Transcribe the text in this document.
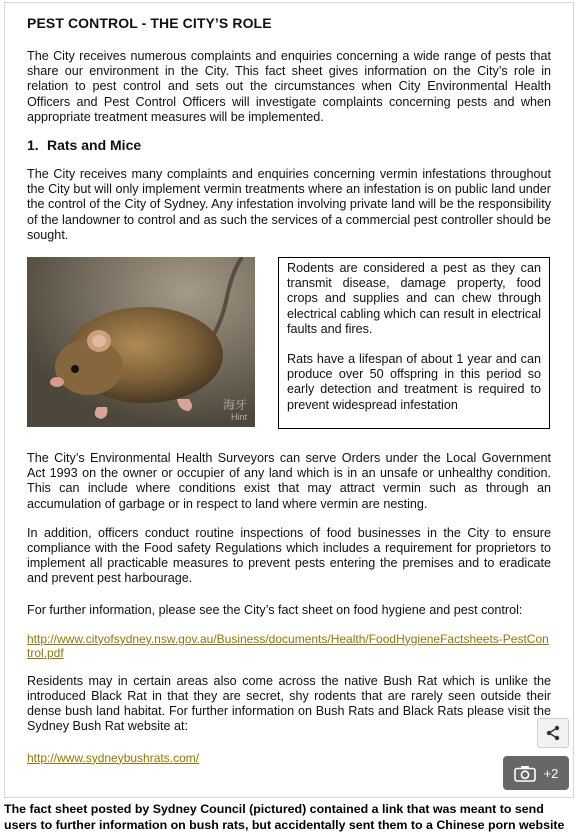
PEST CONTROL - THE CITY’S ROLE

The City receives numerous complaints and enquiries concerning a wide range of pests that share our environment in the City. This fact sheet gives information on the City’s role in relation to pest control and sets out the circumstances when City Environmental Health Officers and Pest Control Officers will investigate complaints concerning pests and when appropriate treatment measures will be implemented.

1. Rats and Mice

The City receives many complaints and enquiries concerning vermin infestations throughout the City but will only implement vermin treatments where an infestation is on public land under the control of the City of Sydney. Any infestation involving private land will be the responsibility of the landowner to control and as such the services of a commercial pest controller should be sought.

海牙
Hint

Rodents are considered a pest as they can transmit disease, damage property, food crops and supplies and can chew through electrical cabling which can result in electrical faults and fires.

Rats have a lifespan of about 1 year and can produce over 50 offspring in this period so early detection and treatment is required to prevent widespread infestation

The City’s Environmental Health Surveyors can serve Orders under the Local Government Act 1993 on the owner or occupier of any land which is in an unsafe or unhealthy condition. This can include where conditions exist that may attract vermin such as through an accumulation of garbage or in respect to land where vermin are nesting.

In addition, officers conduct routine inspections of food businesses in the City to ensure compliance with the Food safety Regulations which includes a requirement for proprietors to implement all practicable measures to prevent pests entering the premises and to eradicate and prevent pest harbourage.

For further information, please see the City’s fact sheet on food hygiene and pest control:

http://www.cityofsydney.nsw.gov.au/Business/documents/Health/FoodHygieneFactsheets-PestControl.pdf

Residents may in certain areas also come across the native Bush Rat which is unlike the introduced Black Rat in that they are secret, shy rodents that are rarely seen outside their dense bush land habitat. For further information on Bush Rats and Black Rats please visit the Sydney Bush Rat website at:

http://www.sydneybushrats.com/
+2
The fact sheet posted by Sydney Council (pictured) contained a link that was meant to send users to further information on bush rats, but accidentally sent them to a Chinese porn website
